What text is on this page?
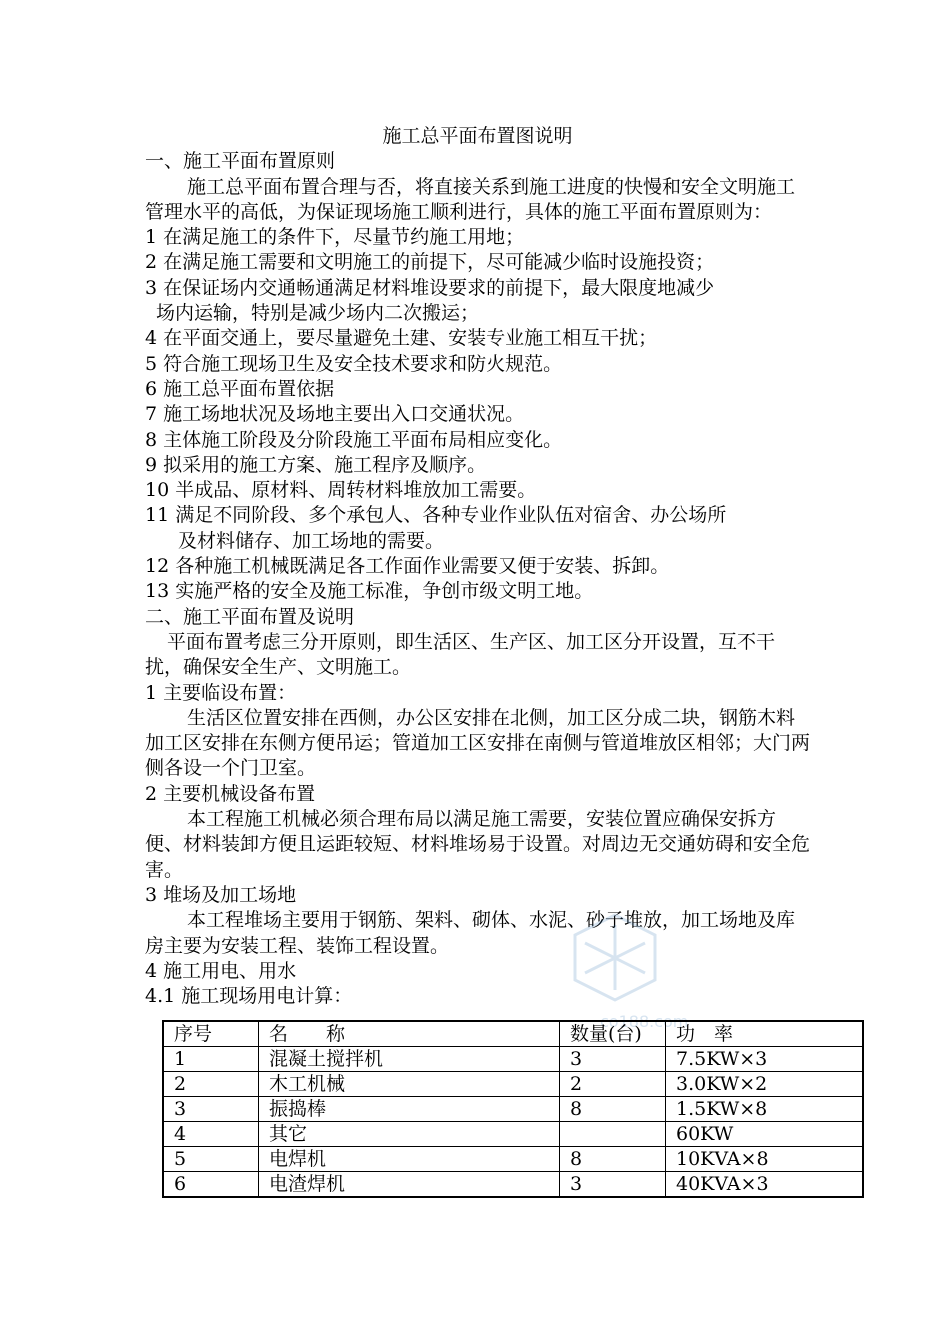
施工总平面布置图说明

一、施工平面布置原则

施工总平面布置合理与否，将直接关系到施工进度的快慢和安全文明施工管理水平的高低，为保证现场施工顺利进行，具体的施工平面布置原则为：

1 在满足施工的条件下，尽量节约施工用地；

2 在满足施工需要和文明施工的前提下，尽可能减少临时设施投资；

3 在保证场内交通畅通满足材料堆设要求的前提下，最大限度地减少

场内运输，特别是减少场内二次搬运；

4 在平面交通上，要尽量避免土建、安装专业施工相互干扰；

5 符合施工现场卫生及安全技术要求和防火规范。

6 施工总平面布置依据

7 施工场地状况及场地主要出入口交通状况。

8 主体施工阶段及分阶段施工平面布局相应变化。

9 拟采用的施工方案、施工程序及顺序。

10 半成品、原材料、周转材料堆放加工需要。

11 满足不同阶段、多个承包人、各种专业作业队伍对宿舍、办公场所

及材料储存、加工场地的需要。

12 各种施工机械既满足各工作面作业需要又便于安装、拆卸。

13 实施严格的安全及施工标准，争创市级文明工地。

二、施工平面布置及说明

平面布置考虑三分开原则，即生活区、生产区、加工区分开设置，互不干扰，确保安全生产、文明施工。

1 主要临设布置：

生活区位置安排在西侧，办公区安排在北侧，加工区分成二块，钢筋木料加工区安排在东侧方便吊运；管道加工区安排在南侧与管道堆放区相邻；大门两侧各设一个门卫室。

2 主要机械设备布置

本工程施工机械必须合理布局以满足施工需要，安装位置应确保安拆方便、材料装卸方便且运距较短、材料堆场易于设置。对周边无交通妨碍和安全危害。

3 堆场及加工场地

本工程堆场主要用于钢筋、架料、砌体、水泥、砂子堆放，加工场地及库房主要为安装工程、装饰工程设置。

4 施工用电、用水

4.1 施工现场用电计算：

co188.com
序号	名　　称	数量(台)	功　率
1	混凝土搅拌机	3	7.5KW×3
2	木工机械	2	3.0KW×2
3	振捣棒	8	1.5KW×8
4	其它		60KW
5	电焊机	8	10KVA×8
6	电渣焊机	3	40KVA×3
